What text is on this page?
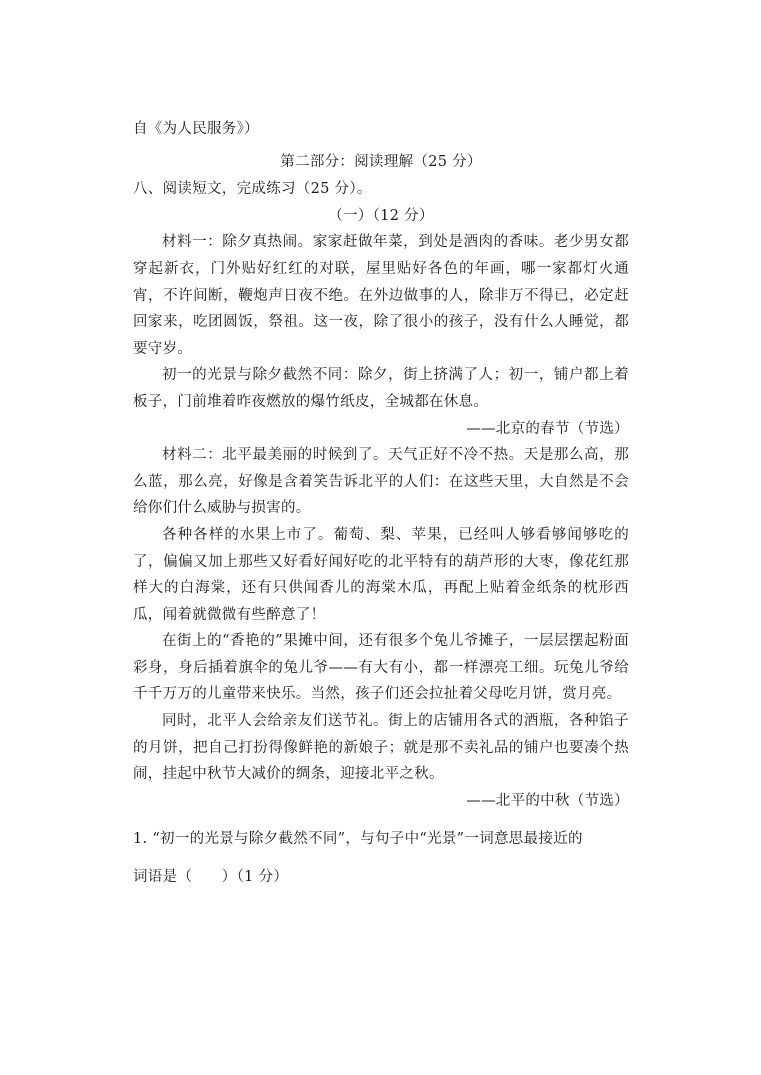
自《为人民服务》）
第二部分：阅读理解（25 分）
八、阅读短文，完成练习（25 分）。
（一）（12 分）

材料一：除夕真热闹。家家赶做年菜，到处是酒肉的香味。老少男女都穿起新衣，门外贴好红红的对联，屋里贴好各色的年画，哪一家都灯火通宵，不许间断，鞭炮声日夜不绝。在外边做事的人，除非万不得已，必定赶回家来，吃团圆饭，祭祖。这一夜，除了很小的孩子，没有什么人睡觉，都要守岁。

初一的光景与除夕截然不同：除夕，街上挤满了人；初一，铺户都上着板子，门前堆着昨夜燃放的爆竹纸皮，全城都在休息。

——北京的春节（节选）

材料二：北平最美丽的时候到了。天气正好不冷不热。天是那么高，那么蓝，那么亮，好像是含着笑告诉北平的人们：在这些天里，大自然是不会给你们什么威胁与损害的。

各种各样的水果上市了。葡萄、梨、苹果，已经叫人够看够闻够吃的了，偏偏又加上那些又好看好闻好吃的北平特有的葫芦形的大枣，像花红那样大的白海棠，还有只供闻香儿的海棠木瓜，再配上贴着金纸条的枕形西瓜，闻着就微微有些醉意了！

在街上的“香艳的”果摊中间，还有很多个兔儿爷摊子，一层层摆起粉面彩身，身后插着旗伞的兔儿爷——有大有小，都一样漂亮工细。玩兔儿爷给千千万万的儿童带来快乐。当然，孩子们还会拉扯着父母吃月饼，赏月亮。

同时，北平人会给亲友们送节礼。街上的店铺用各式的酒瓶，各种馅子的月饼，把自己打扮得像鲜艳的新娘子；就是那不卖礼品的铺户也要凑个热闹，挂起中秋节大减价的绸条，迎接北平之秋。

——北平的中秋（节选）
1. “初一的光景与除夕截然不同”，与句子中“光景”一词意思最接近的
词语是（　　）（1 分）
